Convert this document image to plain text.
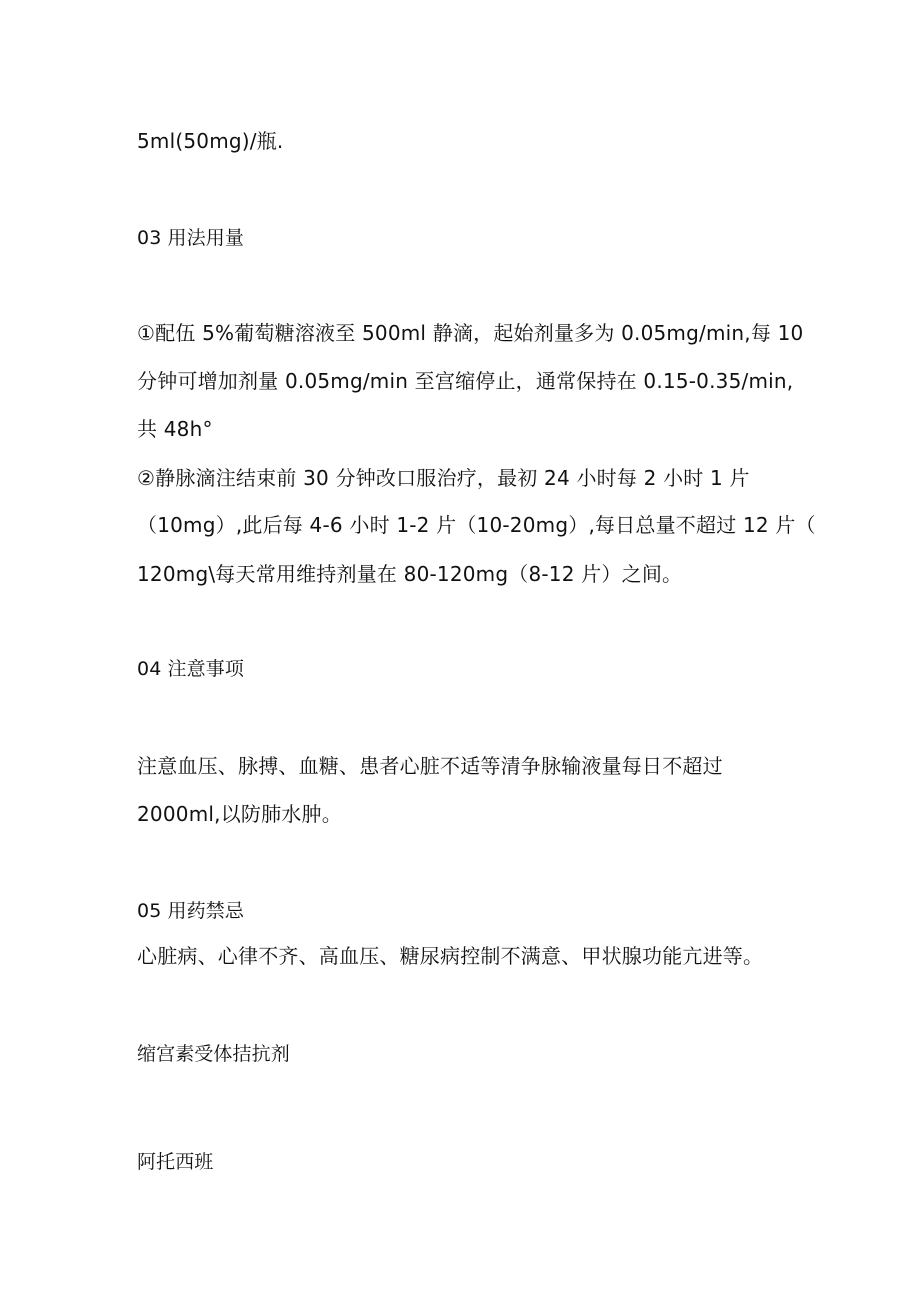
5ml(50mg)/瓶.
03 用法用量
①配伍 5%葡萄糖溶液至 500ml 静滴，起始剂量多为 0.05mg/min,每 10
分钟可增加剂量 0.05mg/min 至宫缩停止，通常保持在 0.15-0.35/min,
共 48h°
②静脉滴注结束前 30 分钟改口服治疗，最初 24 小时每 2 小时 1 片
（10mg）,此后每 4-6 小时 1-2 片（10-20mg）,每日总量不超过 12 片（
120mg\每天常用维持剂量在 80-120mg（8-12 片）之间。
04 注意事项
注意血压、脉搏、血糖、患者心脏不适等清争脉输液量每日不超过
2000ml,以防肺水肿。
05 用药禁忌
心脏病、心律不齐、高血压、糖尿病控制不满意、甲状腺功能亢进等。
缩宫素受体拮抗剂
阿托西班
